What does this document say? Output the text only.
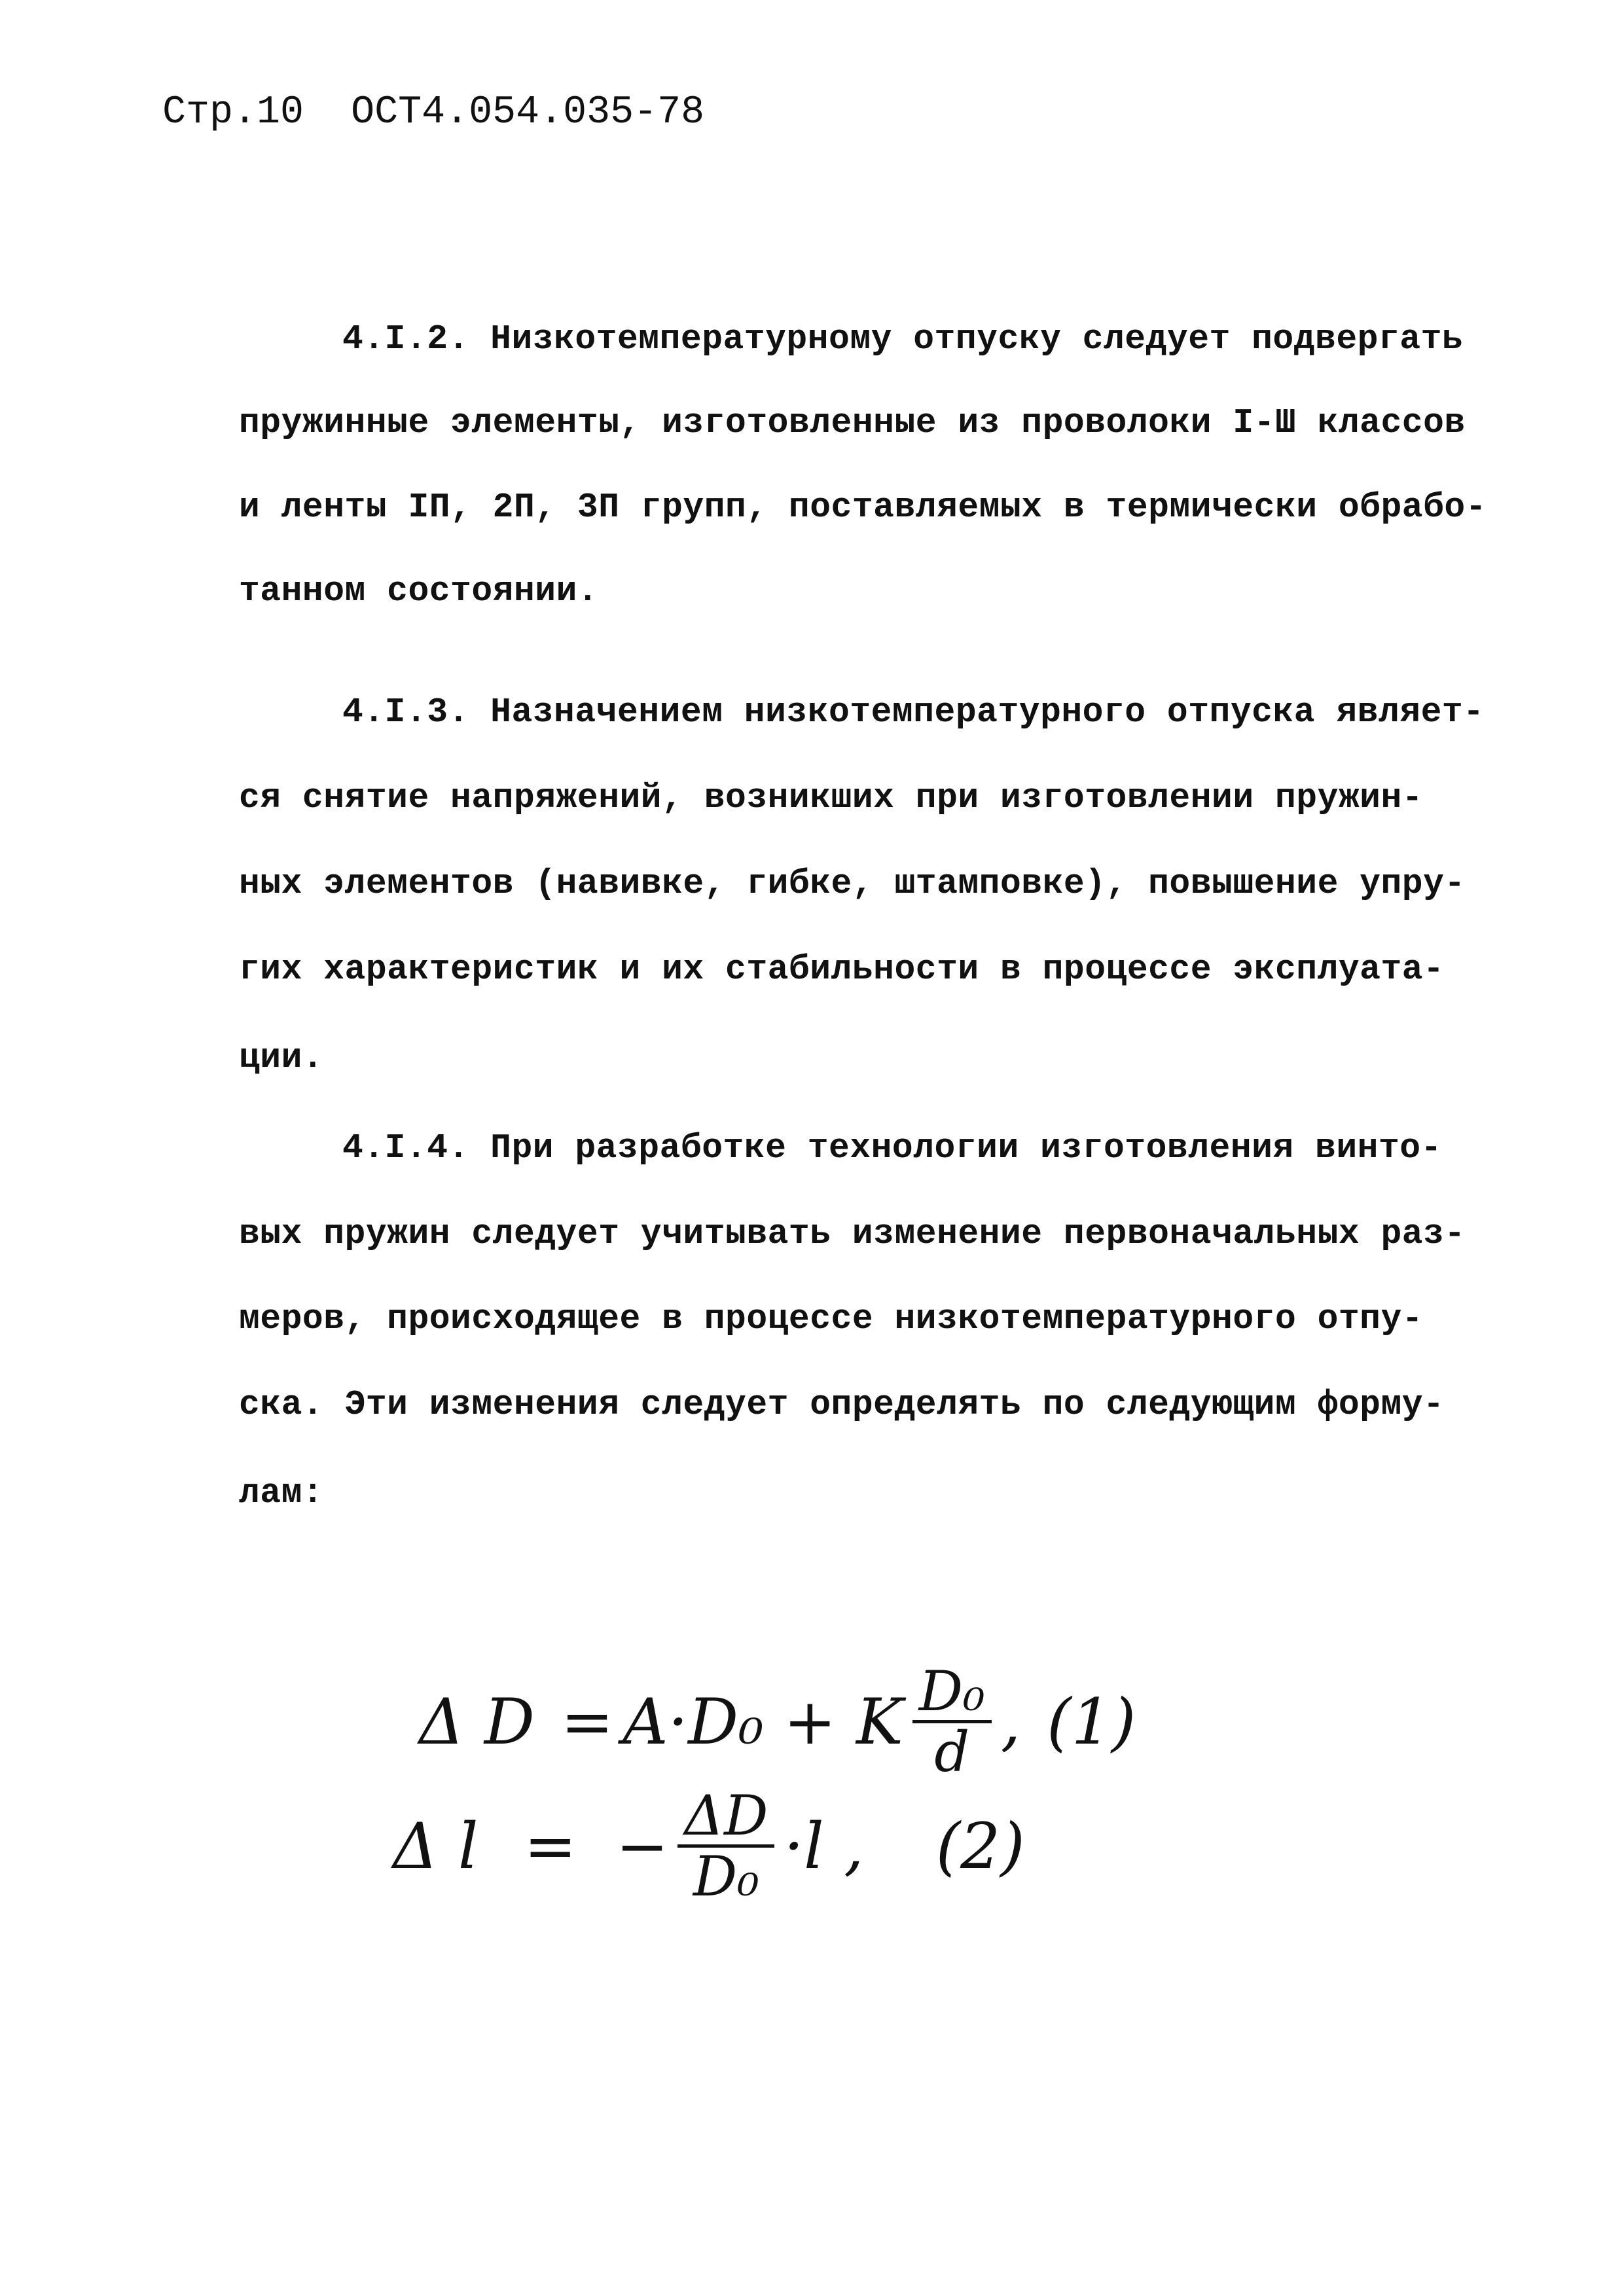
Стр.10 ОСТ4.054.035-78
4.I.2. Низкотемпературному отпуску следует подвергать
пружинные элементы, изготовленные из проволоки I-Ш классов
и ленты IП, 2П, 3П групп, поставляемых в термически обрабо-
танном состоянии.
4.I.3. Назначением низкотемпературного отпуска являет-
ся снятие напряжений, возникших при изготовлении пружин-
ных элементов (навивке, гибке, штамповке), повышение упру-
гих характеристик и их стабильности в процессе эксплуата-
ции.
4.I.4. При разработке технологии изготовления винто-
вых пружин следует учитывать изменение первоначальных раз-
меров, происходящее в процессе низкотемпературного отпу-
ска. Эти изменения следует определять по следующим форму-
лам:
Δ D = A·D₀ + K $\frac{\text{D₀}}{d}$ , (1)
Δ l = − $\frac{\Delta D}{\text{D₀}} \cdot l$ , (2)
